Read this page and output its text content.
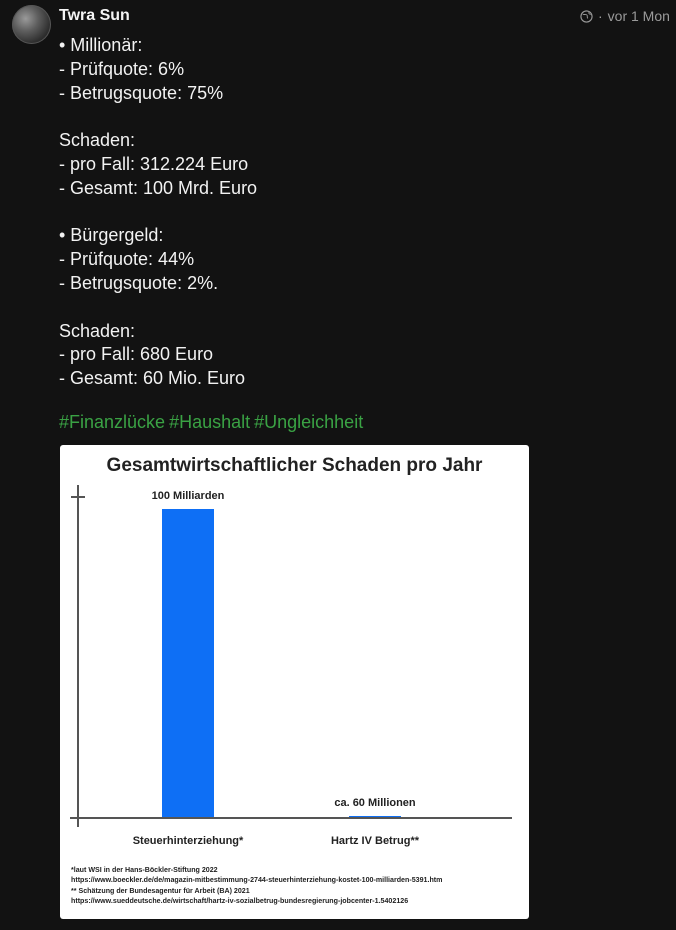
Twra Sun	· vor 1 Mon
• Millionär:
- Prüfquote: 6%
- Betrugsquote: 75%
Schaden:
- pro Fall: 312.224 Euro
- Gesamt: 100 Mrd. Euro
• Bürgergeld:
- Prüfquote: 44%
- Betrugsquote: 2%.
Schaden:
- pro Fall: 680 Euro
- Gesamt: 60 Mio. Euro
#Finanzlücke #Haushalt #Ungleichheit
Gesamtwirtschaftlicher Schaden pro Jahr
*laut WSI in der Hans-Böckler-Stiftung 2022
https://www.boeckler.de/de/magazin-mitbestimmung-2744-steuerhinterziehung-kostet-100-milliarden-5391.htm
** Schätzung der Bundesagentur für Arbeit (BA) 2021
https://www.sueddeutsche.de/wirtschaft/hartz-iv-sozialbetrug-bundesregierung-jobcenter-1.5402126
100 Milliarden
Steuerhinterziehung*
ca. 60 Millionen
Hartz IV Betrug**
